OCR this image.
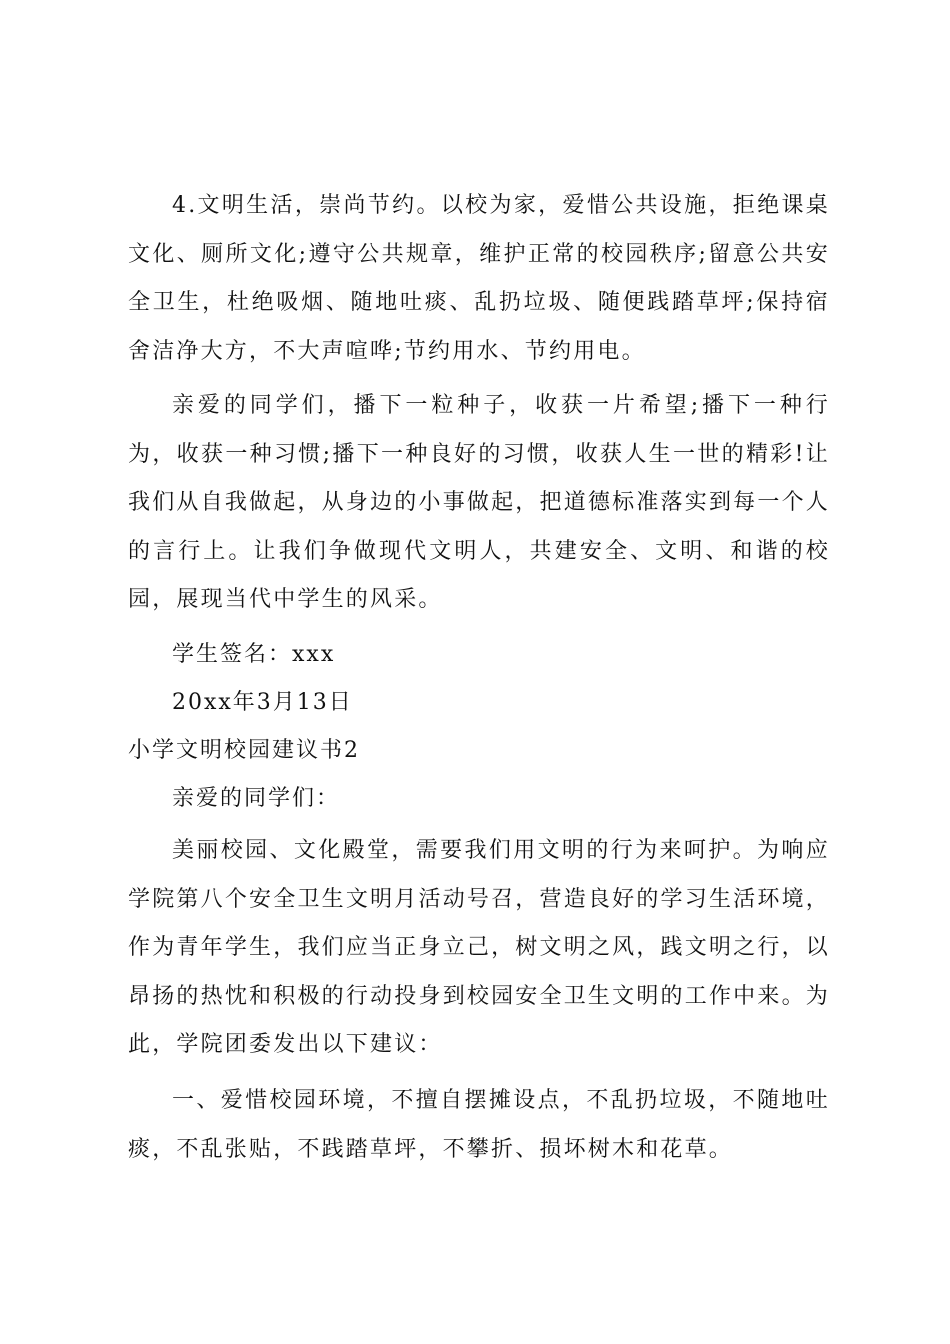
4.文明生活，崇尚节约。以校为家，爱惜公共设施，拒绝课桌文化、厕所文化;遵守公共规章，维护正常的校园秩序;留意公共安全卫生，杜绝吸烟、随地吐痰、乱扔垃圾、随便践踏草坪;保持宿舍洁净大方，不大声喧哗;节约用水、节约用电。

亲爱的同学们，播下一粒种子，收获一片希望;播下一种行为，收获一种习惯;播下一种良好的习惯，收获人生一世的精彩!让我们从自我做起，从身边的小事做起，把道德标准落实到每一个人的言行上。让我们争做现代文明人，共建安全、文明、和谐的校园，展现当代中学生的风采。

学生签名：xxx

20xx年3月13日

小学文明校园建议书2

亲爱的同学们：

美丽校园、文化殿堂，需要我们用文明的行为来呵护。为响应学院第八个安全卫生文明月活动号召，营造良好的学习生活环境，作为青年学生，我们应当正身立己，树文明之风，践文明之行，以昂扬的热忱和积极的行动投身到校园安全卫生文明的工作中来。为此，学院团委发出以下建议：

一、爱惜校园环境，不擅自摆摊设点，不乱扔垃圾，不随地吐痰，不乱张贴，不践踏草坪，不攀折、损坏树木和花草。
